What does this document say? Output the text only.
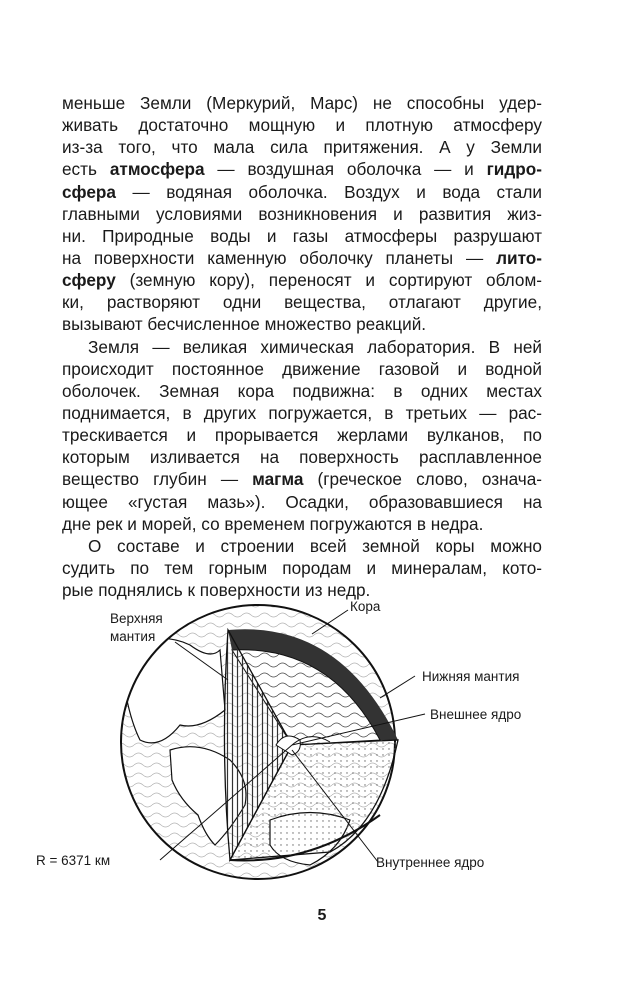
меньше Земли (Меркурий, Марс) не способны удер-
живать достаточно мощную и плотную атмосферу
из-за того, что мала сила притяжения. А у Земли
есть атмосфера — воздушная оболочка — и гидро-
сфера — водяная оболочка. Воздух и вода стали
главными условиями возникновения и развития жиз-
ни. Природные воды и газы атмосферы разрушают
на поверхности каменную оболочку планеты — лито-
сферу (земную кору), переносят и сортируют облом-
ки, растворяют одни вещества, отлагают другие,
вызывают бесчисленное множество реакций.
Земля — великая химическая лаборатория. В ней
происходит постоянное движение газовой и водной
оболочек. Земная кора подвижна: в одних местах
поднимается, в других погружается, в третьих — рас-
трескивается и прорывается жерлами вулканов, по
которым изливается на поверхность расплавленное
вещество глубин — магма (греческое слово, означа-
ющее «густая мазь»). Осадки, образовавшиеся на
дне рек и морей, со временем погружаются в недра.
О составе и строении всей земной коры можно
судить по тем горным породам и минералам, кото-
рые поднялись к поверхности из недр.
Верхняя
мантия
Кора
Нижняя мантия
Внешнее ядро
R = 6371 км	Внутреннее ядро
5
